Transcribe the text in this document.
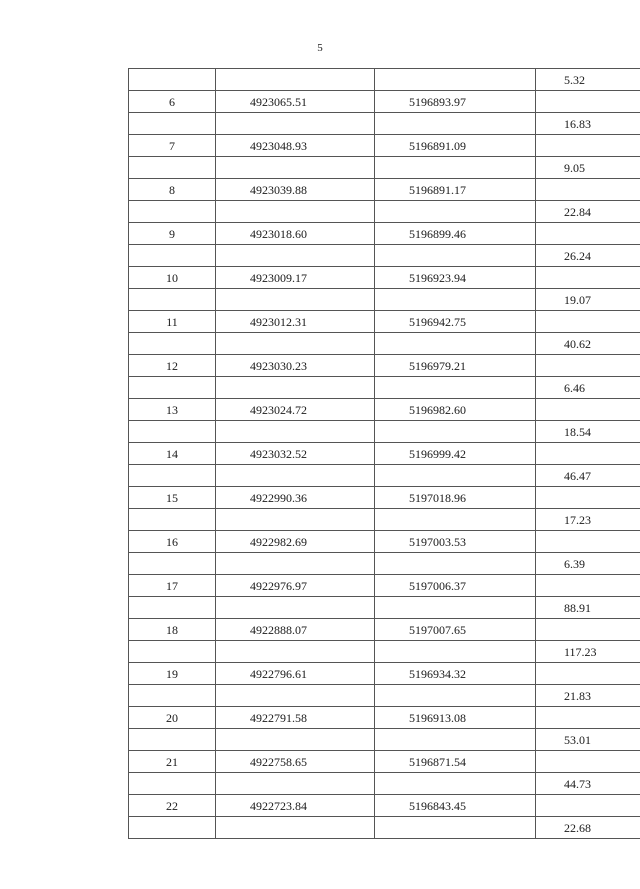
5
			5.32
6	4923065.51	5196893.97	
			16.83
7	4923048.93	5196891.09	
			9.05
8	4923039.88	5196891.17	
			22.84
9	4923018.60	5196899.46	
			26.24
10	4923009.17	5196923.94	
			19.07
11	4923012.31	5196942.75	
			40.62
12	4923030.23	5196979.21	
			6.46
13	4923024.72	5196982.60	
			18.54
14	4923032.52	5196999.42	
			46.47
15	4922990.36	5197018.96	
			17.23
16	4922982.69	5197003.53	
			6.39
17	4922976.97	5197006.37	
			88.91
18	4922888.07	5197007.65	
			117.23
19	4922796.61	5196934.32	
			21.83
20	4922791.58	5196913.08	
			53.01
21	4922758.65	5196871.54	
			44.73
22	4922723.84	5196843.45	
			22.68
